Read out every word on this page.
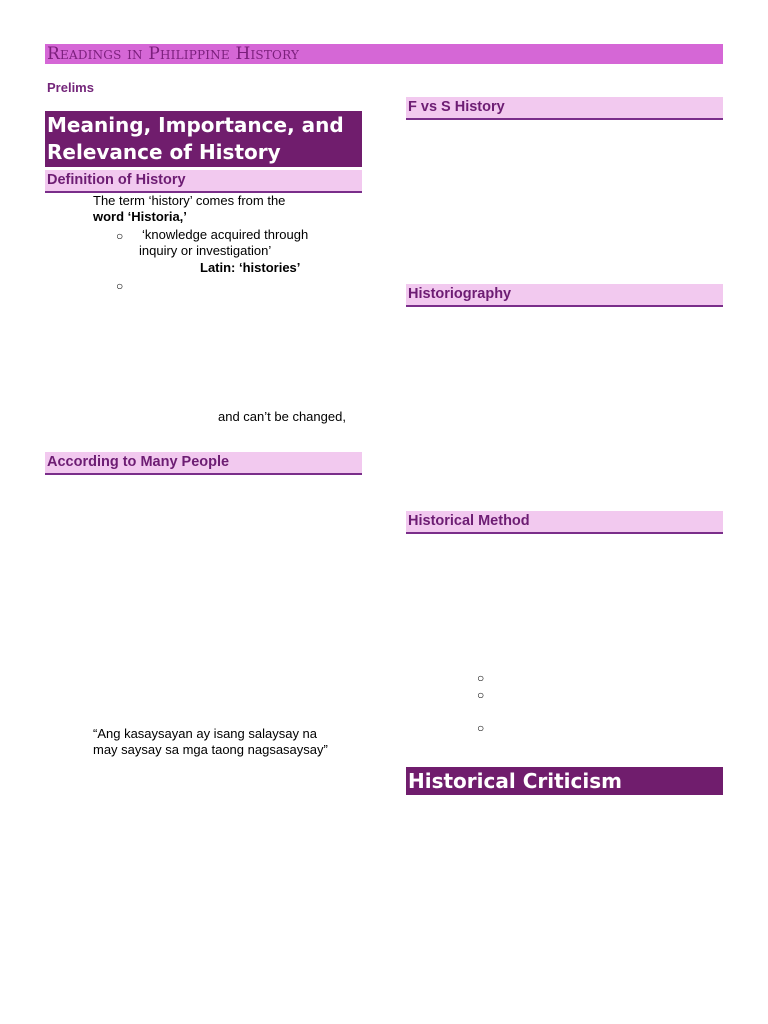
Readings in Philippine History
Prelims
Meaning, Importance, and
Relevance of History
Definition of History
The term ‘history’ comes from the
word ‘Historia,’
○ ‘knowledge acquired through
inquiry or investigation’
Latin: ‘histories’
○
and can’t be changed,
According to Many People
“Ang kasaysayan ay isang salaysay na
may saysay sa mga taong nagsasaysay”
F vs S History
Historiography
Historical Method
○
○
○
Historical Criticism
